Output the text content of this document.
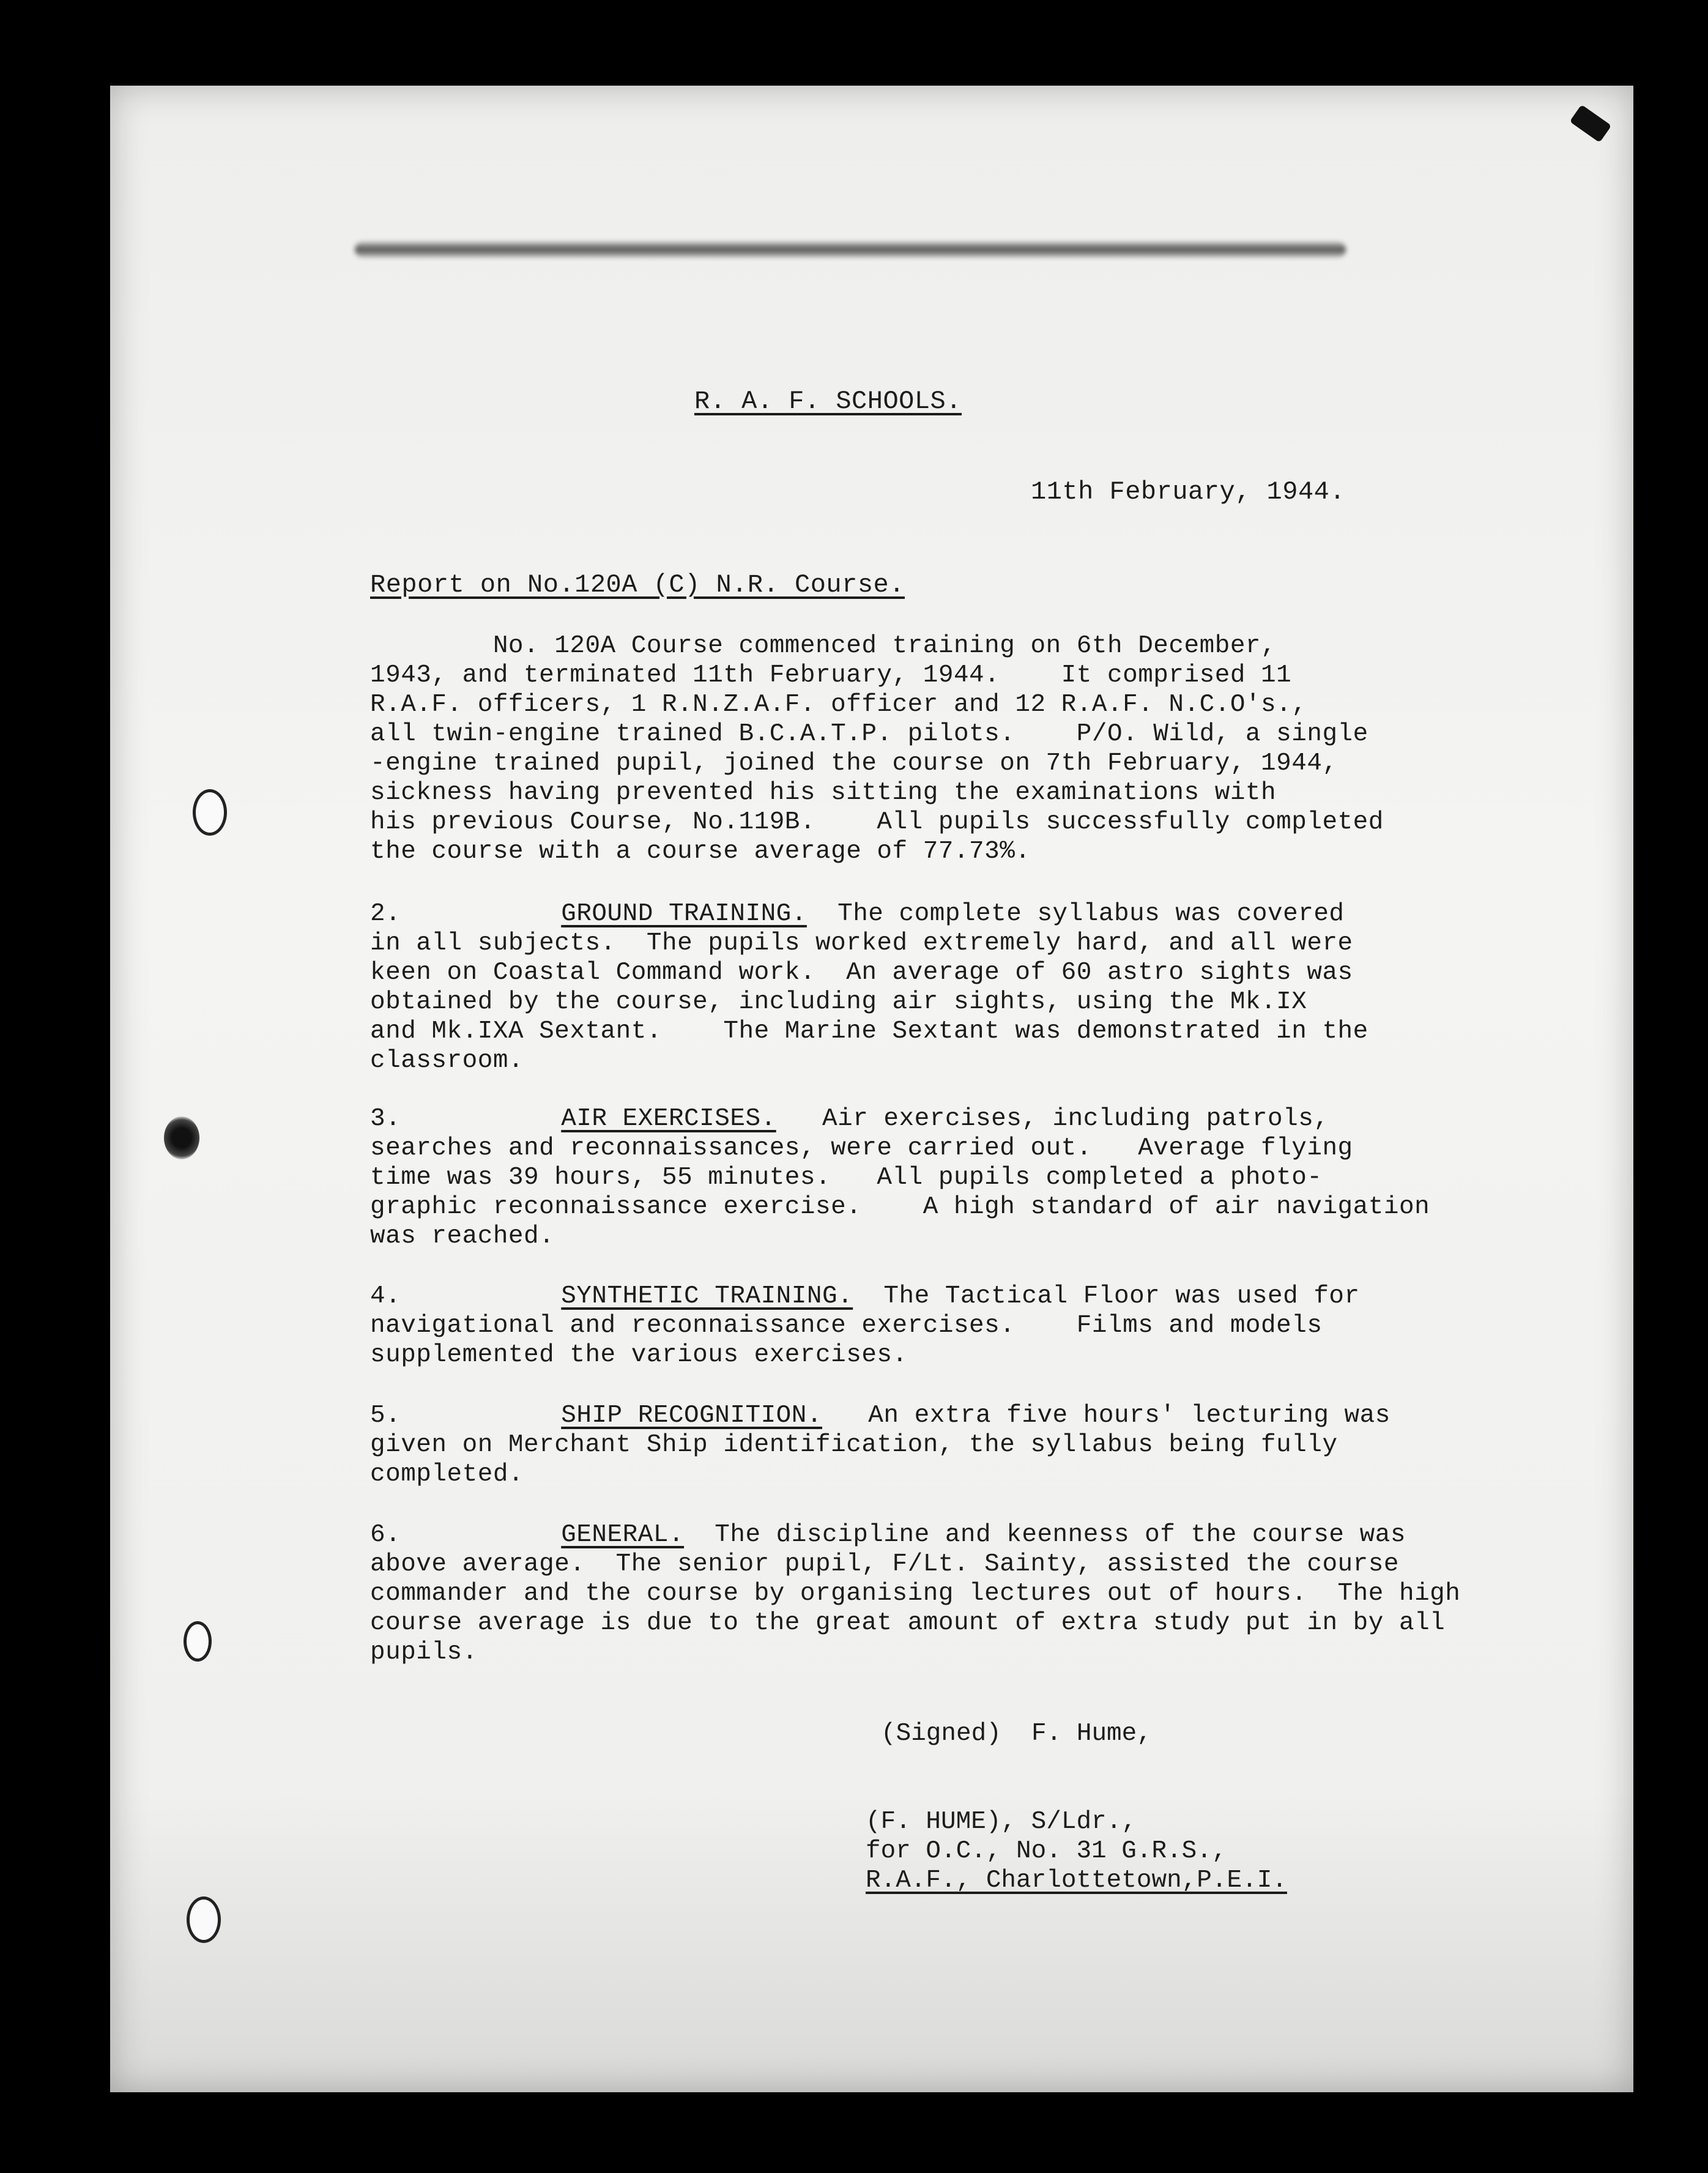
R. A. F. SCHOOLS.

11th February, 1944.

Report on No.120A (C) N.R. Course.

No. 120A Course commenced training on 6th December,

1943, and terminated 11th February, 1944.    It comprised 11

R.A.F. officers, 1 R.N.Z.A.F. officer and 12 R.A.F. N.C.O's.,

all twin-engine trained B.C.A.T.P. pilots.    P/O. Wild, a single

-engine trained pupil, joined the course on 7th February, 1944,

sickness having prevented his sitting the examinations with

his previous Course, No.119B.    All pupils successfully completed

the course with a course average of 77.73%.

2.	GROUND TRAINING.  The complete syllabus was covered

in all subjects.  The pupils worked extremely hard, and all were

keen on Coastal Command work.  An average of 60 astro sights was

obtained by the course, including air sights, using the Mk.IX

and Mk.IXA Sextant.    The Marine Sextant was demonstrated in the

classroom.

3.	AIR EXERCISES.   Air exercises, including patrols,

searches and reconnaissances, were carried out.   Average flying

time was 39 hours, 55 minutes.   All pupils completed a photo-

graphic reconnaissance exercise.    A high standard of air navigation

was reached.

4.	SYNTHETIC TRAINING.  The Tactical Floor was used for

navigational and reconnaissance exercises.    Films and models

supplemented the various exercises.

5.	SHIP RECOGNITION.   An extra five hours' lecturing was

given on Merchant Ship identification, the syllabus being fully

completed.

6.	GENERAL.  The discipline and keenness of the course was

above average.  The senior pupil, F/Lt. Sainty, assisted the course

commander and the course by organising lectures out of hours.  The high

course average is due to the great amount of extra study put in by all

pupils.

(Signed)  F. Hume,
(F. HUME), S/Ldr.,
for O.C., No. 31 G.R.S.,
R.A.F., Charlottetown,P.E.I.
